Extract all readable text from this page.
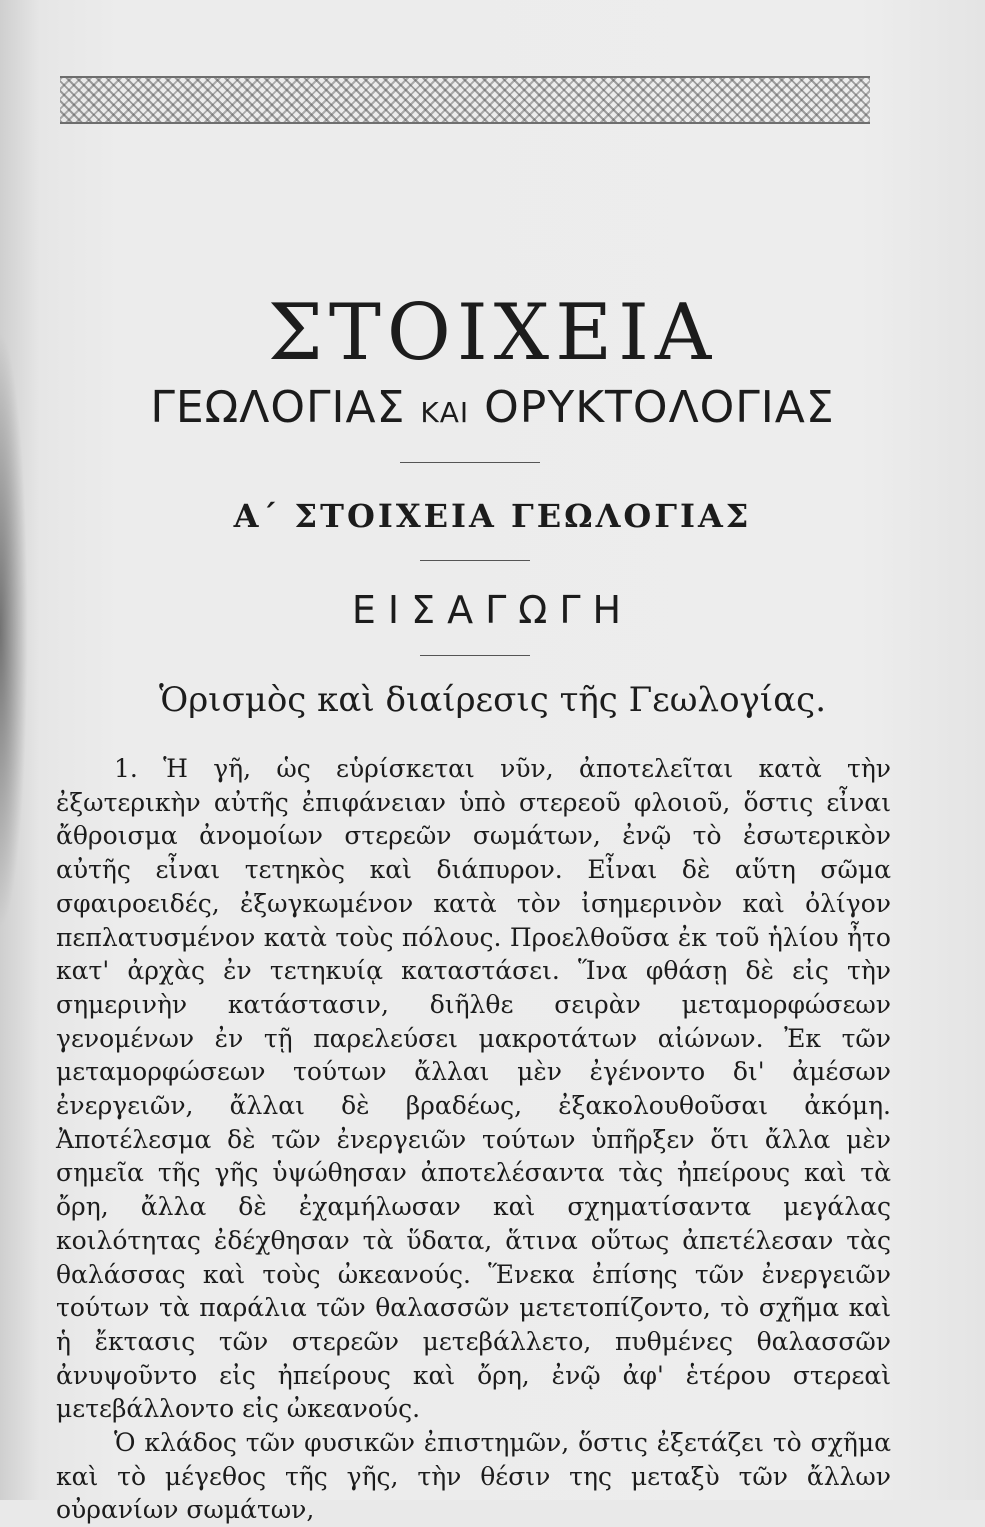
ΣΤΟΙΧΕΙΑ
ΓΕΩΛΟΓΙΑΣ ΚΑΙ ΟΡΥΚΤΟΛΟΓΙΑΣ
Α΄ ΣΤΟΙΧΕΙΑ ΓΕΩΛΟΓΙΑΣ
ΕΙΣΑΓΩΓΗ
Ὁρισμὸς καὶ διαίρεσις τῆς Γεωλογίας.

1. Ἡ γῆ, ὡς εὑρίσκεται νῦν, ἀποτελεῖται κατὰ τὴν ἐξωτερικὴν αὐτῆς ἐπιφάνειαν ὑπὸ στερεοῦ φλοιοῦ, ὅστις εἶναι ἄθροισμα ἀνομοίων στερεῶν σωμάτων, ἐνῷ τὸ ἐσωτερικὸν αὐτῆς εἶναι τετηκὸς καὶ διάπυρον. Εἶναι δὲ αὕτη σῶμα σφαιροειδές, ἐξωγκωμένον κατὰ τὸν ἰσημερινὸν καὶ ὀλίγον πεπλατυσμένον κατὰ τοὺς πόλους. Προελθοῦσα ἐκ τοῦ ἡλίου ἦτο κατ' ἀρχὰς ἐν τετηκυίᾳ καταστάσει. Ἵνα φθάσῃ δὲ εἰς τὴν σημερινὴν κατάστασιν, διῆλθε σειρὰν μεταμορφώσεων γενομένων ἐν τῇ παρελεύσει μακροτάτων αἰώνων. Ἐκ τῶν μεταμορφώσεων τούτων ἄλλαι μὲν ἐγένοντο δι' ἀμέσων ἐνεργειῶν, ἄλλαι δὲ βραδέως, ἐξακολουθοῦσαι ἀκόμη. Ἀποτέλεσμα δὲ τῶν ἐνεργειῶν τούτων ὑπῆρξεν ὅτι ἄλλα μὲν σημεῖα τῆς γῆς ὑψώθησαν ἀποτελέσαντα τὰς ἠπείρους καὶ τὰ ὄρη, ἄλλα δὲ ἐχαμήλωσαν καὶ σχηματίσαντα μεγάλας κοιλότητας ἐδέχθησαν τὰ ὕδατα, ἅτινα οὕτως ἀπετέλεσαν τὰς θαλάσσας καὶ τοὺς ὠκεανούς. Ἕνεκα ἐπίσης τῶν ἐνεργειῶν τούτων τὰ παράλια τῶν θαλασσῶν μετετοπίζοντο, τὸ σχῆμα καὶ ἡ ἔκτασις τῶν στερεῶν μετεβάλλετο, πυθμένες θαλασσῶν ἀνυψοῦντο εἰς ἠπείρους καὶ ὄρη, ἐνῷ ἀφ' ἑτέρου στερεαὶ μετεβάλλοντο εἰς ὠκεανούς.

Ὁ κλάδος τῶν φυσικῶν ἐπιστημῶν, ὅστις ἐξετάζει τὸ σχῆμα καὶ τὸ μέγεθος τῆς γῆς, τὴν θέσιν της μεταξὺ τῶν ἄλλων οὐρανίων σωμάτων,
